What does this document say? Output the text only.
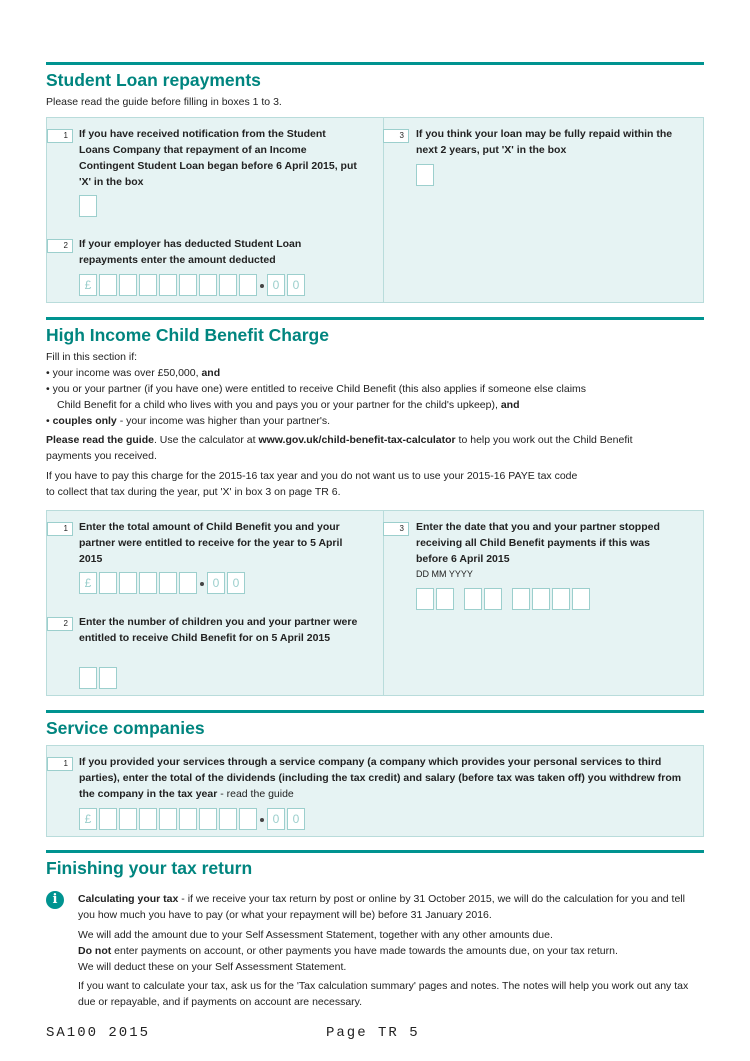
Student Loan repayments
Please read the guide before filling in boxes 1 to 3.
1	If you have received notification from the Student Loans Company that repayment of an Income Contingent Student Loan began before 6 April 2015, put 'X' in the box
2	If your employer has deducted Student Loan repayments enter the amount deducted
£	0	0
3	If you think your loan may be fully repaid within the next 2 years, put 'X' in the box
High Income Child Benefit Charge
Fill in this section if:
• your income was over £50,000, and
• you or your partner (if you have one) were entitled to receive Child Benefit (this also applies if someone else claims
Child Benefit for a child who lives with you and pays you or your partner for the child's upkeep), and
• couples only - your income was higher than your partner's.
Please read the guide. Use the calculator at www.gov.uk/child-benefit-tax-calculator to help you work out the Child Benefit
payments you received.
If you have to pay this charge for the 2015-16 tax year and you do not want us to use your 2015-16 PAYE tax code
to collect that tax during the year, put 'X' in box 3 on page TR 6.
1	Enter the total amount of Child Benefit you and your partner were entitled to receive for the year to 5 April 2015
£	0	0
2	Enter the number of children you and your partner were entitled to receive Child Benefit for on 5 April 2015
3	Enter the date that you and your partner stopped receiving all Child Benefit payments if this was before 6 April 2015
DD MM YYYY
Service companies
1	If you provided your services through a service company (a company which provides your personal services to third parties), enter the total of the dividends (including the tax credit) and salary (before tax was taken off) you withdrew from the company in the tax year - read the guide
£	0	0
Finishing your tax return
i	Calculating your tax - if we receive your tax return by post or online by 31 October 2015, we will do the calculation for you and tell you how much you have to pay (or what your repayment will be) before 31 January 2016.
We will add the amount due to your Self Assessment Statement, together with any other amounts due.
Do not enter payments on account, or other payments you have made towards the amounts due, on your tax return.
We will deduct these on your Self Assessment Statement.
If you want to calculate your tax, ask us for the 'Tax calculation summary' pages and notes. The notes will help you work out any tax due or repayable, and if payments on account are necessary.
SA100 2015	Page TR 5
